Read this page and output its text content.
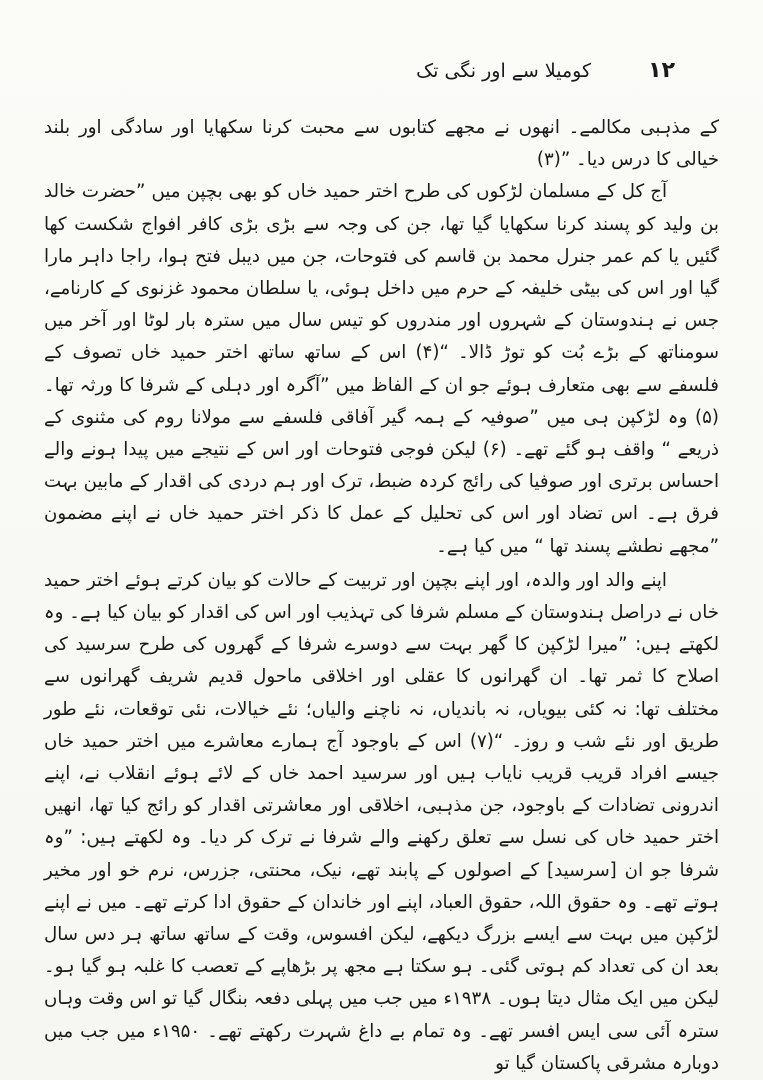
١٢
کومیلا سے اور نگی تک

کے مذہبی مکالمے۔ انھوں نے مجھے کتابوں سے محبت کرنا سکھایا اور سادگی اور بلند خیالی کا درس دیا۔ ”(۳)

آج کل کے مسلمان لڑکوں کی طرح اختر حمید خاں کو بھی بچپن میں ”حضرت خالد بن ولید کو پسند کرنا سکھایا گیا تھا، جن کی وجہ سے بڑی بڑی کافر افواج شکست کھا گئیں یا کم عمر جنرل محمد بن قاسم کی فتوحات، جن میں دیبل فتح ہوا، راجا داہر مارا گیا اور اس کی بیٹی خلیفہ کے حرم میں داخل ہوئی، یا سلطان محمود غزنوی کے کارنامے، جس نے ہندوستان کے شہروں اور مندروں کو تیس سال میں سترہ بار لوٹا اور آخر میں سومناتھ کے بڑے بُت کو توڑ ڈالا۔ “(۴) اس کے ساتھ ساتھ اختر حمید خاں تصوف کے فلسفے سے بھی متعارف ہوئے جو ان کے الفاظ میں ”آگرہ اور دہلی کے شرفا کا ورثہ تھا۔ (۵) وہ لڑکپن ہی میں ”صوفیہ کے ہمہ گیر آفاقی فلسفے سے مولانا روم کی مثنوی کے ذریعے “ واقف ہو گئے تھے۔ (۶) لیکن فوجی فتوحات اور اس کے نتیجے میں پیدا ہونے والے احساس برتری اور صوفیا کی رائج کردہ ضبط، ترک اور ہم دردی کی اقدار کے مابین بہت فرق ہے۔ اس تضاد اور اس کی تحلیل کے عمل کا ذکر اختر حمید خاں نے اپنے مضمون ”مجھے نطشے پسند تھا “ میں کیا ہے۔

اپنے والد اور والدہ، اور اپنے بچپن اور تربیت کے حالات کو بیان کرتے ہوئے اختر حمید خاں نے دراصل ہندوستان کے مسلم شرفا کی تہذیب اور اس کی اقدار کو بیان کیا ہے۔ وہ لکھتے ہیں: ”میرا لڑکپن کا گھر بہت سے دوسرے شرفا کے گھروں کی طرح سرسید کی اصلاح کا ثمر تھا۔ ان گھرانوں کا عقلی اور اخلاقی ماحول قدیم شریف گھرانوں سے مختلف تھا: نہ کئی بیویاں، نہ باندیاں، نہ ناچنے والیاں؛ نئے خیالات، نئی توقعات، نئے طور طریق اور نئے شب و روز۔ “(۷) اس کے باوجود آج ہمارے معاشرے میں اختر حمید خاں جیسے افراد قریب قریب نایاب ہیں اور سرسید احمد خاں کے لائے ہوئے انقلاب نے، اپنے اندرونی تضادات کے باوجود، جن مذہبی، اخلاقی اور معاشرتی اقدار کو رائج کیا تھا، انھیں اختر حمید خاں کی نسل سے تعلق رکھنے والے شرفا نے ترک کر دیا۔ وہ لکھتے ہیں: ”وہ شرفا جو ان [سرسید] کے اصولوں کے پابند تھے، نیک، محنتی، جزرس، نرم خو اور مخیر ہوتے تھے۔ وہ حقوق اللہ، حقوق العباد، اپنے اور خاندان کے حقوق ادا کرتے تھے۔ میں نے اپنے لڑکپن میں بہت سے ایسے بزرگ دیکھے، لیکن افسوس، وقت کے ساتھ ساتھ ہر دس سال بعد ان کی تعداد کم ہوتی گئی۔ ہو سکتا ہے مجھ پر بڑھاپے کے تعصب کا غلبہ ہو گیا ہو۔ لیکن میں ایک مثال دیتا ہوں۔ ۱۹۳۸ء میں جب میں پہلی دفعہ بنگال گیا تو اس وقت وہاں سترہ آئی سی ایس افسر تھے۔ وہ تمام بے داغ شہرت رکھتے تھے۔ ۱۹۵۰ء میں جب میں دوبارہ مشرقی پاکستان گیا تو
